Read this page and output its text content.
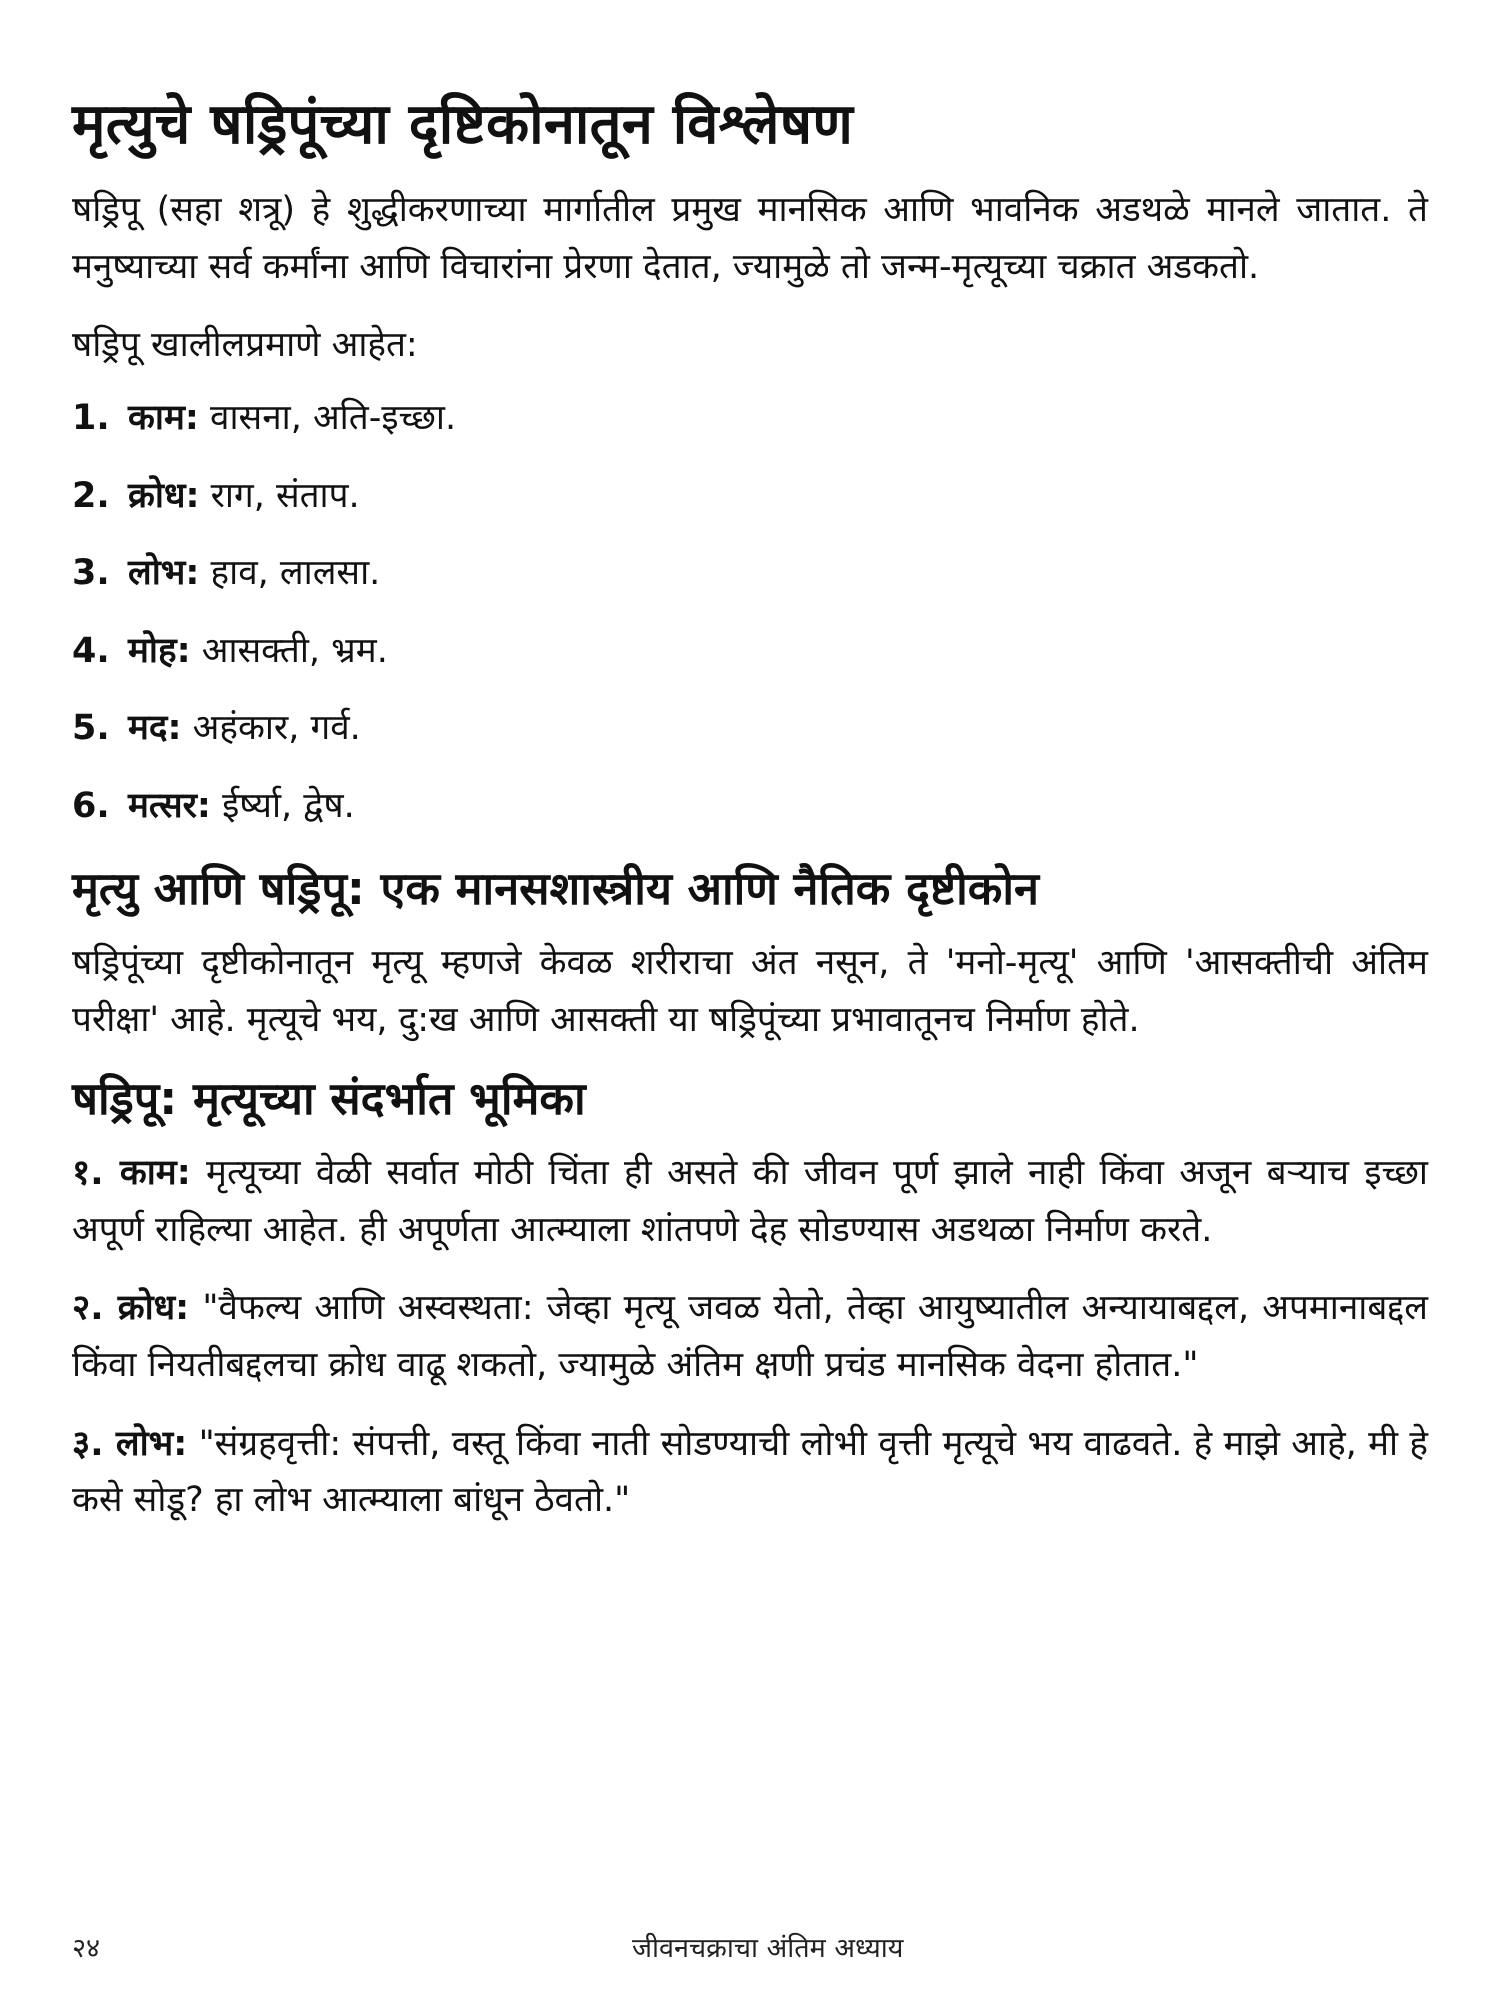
मृत्युचे षड्रिपूंच्या दृष्टिकोनातून विश्लेषण

षड्रिपू (सहा शत्रू) हे शुद्धीकरणाच्या मार्गातील प्रमुख मानसिक आणि भावनिक अडथळे मानले जातात. ते मनुष्याच्या सर्व कर्मांना आणि विचारांना प्रेरणा देतात, ज्यामुळे तो जन्म-मृत्यूच्या चक्रात अडकतो.

षड्रिपू खालीलप्रमाणे आहेत:

1. काम: वासना, अति-इच्छा.
2. क्रोध: राग, संताप.
3. लोभ: हाव, लालसा.
4. मोह: आसक्ती, भ्रम.
5. मद: अहंकार, गर्व.
6. मत्सर: ईर्ष्या, द्वेष.
मृत्यु आणि षड्रिपू: एक मानसशास्त्रीय आणि नैतिक दृष्टीकोन

षड्रिपूंच्या दृष्टीकोनातून मृत्यू म्हणजे केवळ शरीराचा अंत नसून, ते 'मनो-मृत्यू' आणि 'आसक्तीची अंतिम परीक्षा' आहे. मृत्यूचे भय, दु:ख आणि आसक्ती या षड्रिपूंच्या प्रभावातूनच निर्माण होते.

षड्रिपू: मृत्यूच्या संदर्भात भूमिका

१. काम: मृत्यूच्या वेळी सर्वात मोठी चिंता ही असते की जीवन पूर्ण झाले नाही किंवा अजून बऱ्याच इच्छा अपूर्ण राहिल्या आहेत. ही अपूर्णता आत्म्याला शांतपणे देह सोडण्यास अडथळा निर्माण करते.

२. क्रोध: "वैफल्य आणि अस्वस्थता: जेव्हा मृत्यू जवळ येतो, तेव्हा आयुष्यातील अन्यायाबद्दल, अपमानाबद्दल किंवा नियतीबद्दलचा क्रोध वाढू शकतो, ज्यामुळे अंतिम क्षणी प्रचंड मानसिक वेदना होतात."

३. लोभ: "संग्रहवृत्ती: संपत्ती, वस्तू किंवा नाती सोडण्याची लोभी वृत्ती मृत्यूचे भय वाढवते. हे माझे आहे, मी हे कसे सोडू? हा लोभ आत्म्याला बांधून ठेवतो."

२४	जीवनचक्राचा अंतिम अध्याय
